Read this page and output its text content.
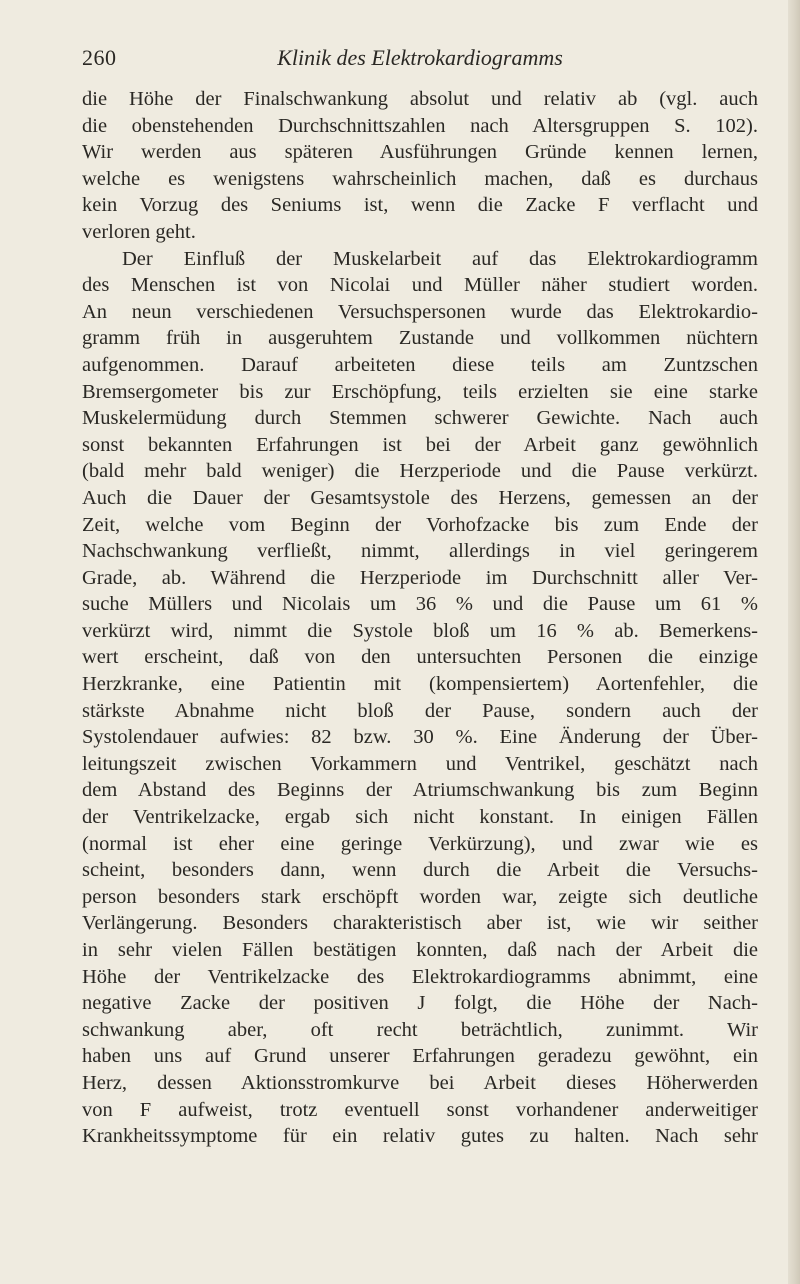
260	Klinik des Elektrokardiogramms
die Höhe der Finalschwankung absolut und relativ ab (vgl. auch
die obenstehenden Durchschnittszahlen nach Altersgruppen S. 102).
Wir werden aus späteren Ausführungen Gründe kennen lernen,
welche es wenigstens wahrscheinlich machen, daß es durchaus
kein Vorzug des Seniums ist, wenn die Zacke F verflacht und
verloren geht.
Der Einfluß der Muskelarbeit auf das Elektrokardiogramm
des Menschen ist von Nicolai und Müller näher studiert worden.
An neun verschiedenen Versuchspersonen wurde das Elektrokardio-
gramm früh in ausgeruhtem Zustande und vollkommen nüchtern
aufgenommen. Darauf arbeiteten diese teils am Zuntzschen
Bremsergometer bis zur Erschöpfung, teils erzielten sie eine starke
Muskelermüdung durch Stemmen schwerer Gewichte. Nach auch
sonst bekannten Erfahrungen ist bei der Arbeit ganz gewöhnlich
(bald mehr bald weniger) die Herzperiode und die Pause verkürzt.
Auch die Dauer der Gesamtsystole des Herzens, gemessen an der
Zeit, welche vom Beginn der Vorhofzacke bis zum Ende der
Nachschwankung verfließt, nimmt, allerdings in viel geringerem
Grade, ab. Während die Herzperiode im Durchschnitt aller Ver-
suche Müllers und Nicolais um 36 % und die Pause um 61 %
verkürzt wird, nimmt die Systole bloß um 16 % ab. Bemerkens-
wert erscheint, daß von den untersuchten Personen die einzige
Herzkranke, eine Patientin mit (kompensiertem) Aortenfehler, die
stärkste Abnahme nicht bloß der Pause, sondern auch der
Systolendauer aufwies: 82 bzw. 30 %. Eine Änderung der Über-
leitungszeit zwischen Vorkammern und Ventrikel, geschätzt nach
dem Abstand des Beginns der Atriumschwankung bis zum Beginn
der Ventrikelzacke, ergab sich nicht konstant. In einigen Fällen
(normal ist eher eine geringe Verkürzung), und zwar wie es
scheint, besonders dann, wenn durch die Arbeit die Versuchs-
person besonders stark erschöpft worden war, zeigte sich deutliche
Verlängerung. Besonders charakteristisch aber ist, wie wir seither
in sehr vielen Fällen bestätigen konnten, daß nach der Arbeit die
Höhe der Ventrikelzacke des Elektrokardiogramms abnimmt, eine
negative Zacke der positiven J folgt, die Höhe der Nach-
schwankung aber, oft recht beträchtlich, zunimmt. Wir
haben uns auf Grund unserer Erfahrungen geradezu gewöhnt, ein
Herz, dessen Aktionsstromkurve bei Arbeit dieses Höherwerden
von F aufweist, trotz eventuell sonst vorhandener anderweitiger
Krankheitssymptome für ein relativ gutes zu halten. Nach sehr
